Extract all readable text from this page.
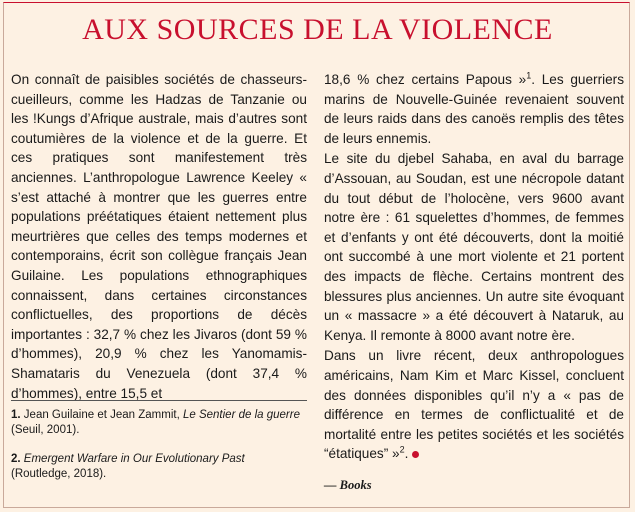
AUX SOURCES DE LA VIOLENCE

On connaît de paisibles sociétés de chasseurs-cueilleurs, comme les Hadzas de Tanzanie ou les !Kungs d’Afrique australe, mais d’autres sont coutumières de la violence et de la guerre. Et ces pratiques sont manifestement très anciennes. L’anthropologue Lawrence Keeley « s’est attaché à montrer que les guerres entre populations préétatiques étaient nettement plus meurtrières que celles des temps modernes et contemporains, écrit son collègue français Jean Guilaine. Les populations ethnographiques connaissent, dans certaines circonstances conflictuelles, des proportions de décès importantes : 32,7 % chez les Jivaros (dont 59 % d’hommes), 20,9 % chez les Yanomamis-Shamataris du Venezuela (dont 37,4 % d’hommes), entre 15,5 et

1. Jean Guilaine et Jean Zammit, Le Sentier de la guerre (Seuil, 2001).
2. Emergent Warfare in Our Evolutionary Past (Routledge, 2018).

18,6 % chez certains Papous »$^1$. Les guerriers marins de Nouvelle-Guinée revenaient souvent de leurs raids dans des canoës remplis des têtes de leurs ennemis.

Le site du djebel Sahaba, en aval du barrage d’Assouan, au Soudan, est une nécropole datant du tout début de l’holocène, vers 9600 avant notre ère : 61 squelettes d’hommes, de femmes et d’enfants y ont été découverts, dont la moitié ont succombé à une mort violente et 21 portent des impacts de flèche. Certains montrent des blessures plus anciennes. Un autre site évoquant un « massacre » a été découvert à Nataruk, au Kenya. Il remonte à 8000 avant notre ère.

Dans un livre récent, deux anthropologues américains, Nam Kim et Marc Kissel, concluent des données disponibles qu’il n’y a « pas de différence en termes de conflictualité et de mortalité entre les petites sociétés et les sociétés “étatiques” »$^2$.

— Books
